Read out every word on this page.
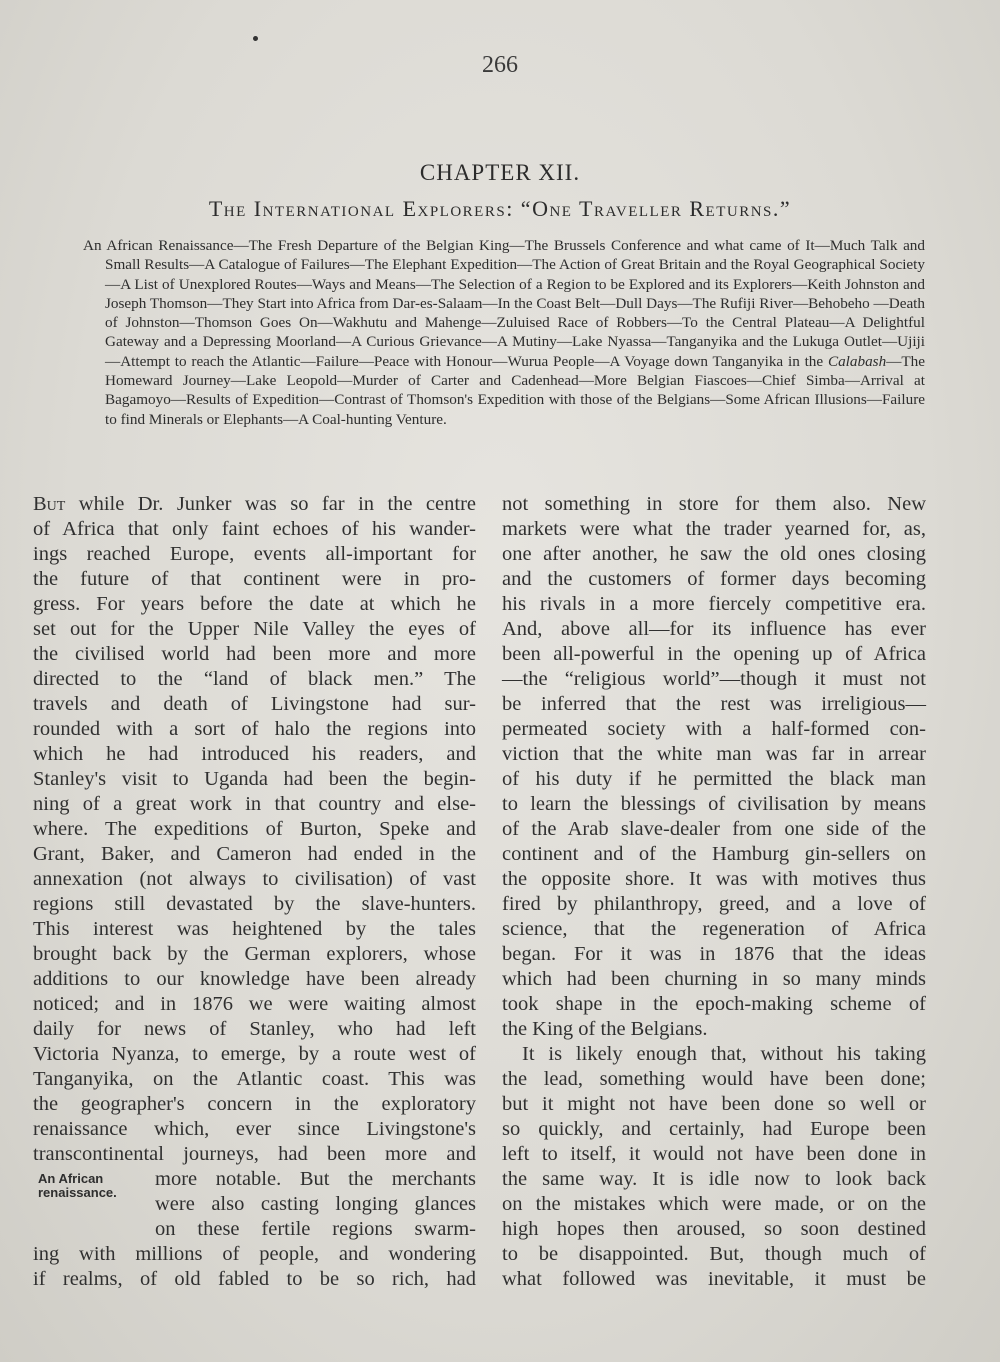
266
CHAPTER XII.
The International Explorers: “One Traveller Returns.”
An African Renaissance—The Fresh Departure of the Belgian King—The Brussels Conference and what came of It—Much Talk and Small Results—A Catalogue of Failures—The Elephant Expedition—The Action of Great Britain and the Royal Geographical Society—A List of Unexplored Routes—Ways and Means—The Selection of a Region to be Explored and its Explorers—Keith Johnston and Joseph Thomson—They Start into Africa from Dar-es-Salaam—In the Coast Belt—Dull Days—The Rufiji River—Behobeho —Death of Johnston—Thomson Goes On—Wakhutu and Mahenge—Zuluised Race of Robbers—To the Central Plateau—A Delightful Gateway and a Depressing Moorland—A Curious Grievance—A Mutiny—Lake Nyassa—Tanganyika and the Lukuga Outlet—Ujiji—Attempt to reach the Atlantic—Failure—Peace with Honour—Wurua People—A Voyage down Tanganyika in the Calabash—The Homeward Journey—Lake Leopold—Murder of Carter and Cadenhead—More Belgian Fiascoes—Chief Simba—Arrival at Bagamoyo—Results of Expedition—Contrast of Thomson's Expedition with those of the Belgians—Some African Illusions—Failure to find Minerals or Elephants—A Coal-hunting Venture.
But while Dr. Junker was so far in the centre
of Africa that only faint echoes of his wander-
ings reached Europe, events all-important for
the future of that continent were in pro-
gress. For years before the date at which he
set out for the Upper Nile Valley the eyes of
the civilised world had been more and more
directed to the “land of black men.” The
travels and death of Livingstone had sur-
rounded with a sort of halo the regions into
which he had introduced his readers, and
Stanley's visit to Uganda had been the begin-
ning of a great work in that country and else-
where. The expeditions of Burton, Speke and
Grant, Baker, and Cameron had ended in the
annexation (not always to civilisation) of vast
regions still devastated by the slave-hunters.
This interest was heightened by the tales
brought back by the German explorers, whose
additions to our knowledge have been already
noticed; and in 1876 we were waiting almost
daily for news of Stanley, who had left
Victoria Nyanza, to emerge, by a route west of
Tanganyika, on the Atlantic coast. This was
the geographer's concern in the exploratory
renaissance which, ever since Livingstone's
transcontinental journeys, had been more and
more notable. But the merchants
were also casting longing glances
on these fertile regions swarm-
ing with millions of people, and wondering
if realms, of old fabled to be so rich, had
not something in store for them also. New
markets were what the trader yearned for, as,
one after another, he saw the old ones closing
and the customers of former days becoming
his rivals in a more fiercely competitive era.
And, above all—for its influence has ever
been all-powerful in the opening up of Africa
—the “religious world”—though it must not
be inferred that the rest was irreligious—
permeated society with a half-formed con-
viction that the white man was far in arrear
of his duty if he permitted the black man
to learn the blessings of civilisation by means
of the Arab slave-dealer from one side of the
continent and of the Hamburg gin-sellers on
the opposite shore. It was with motives thus
fired by philanthropy, greed, and a love of
science, that the regeneration of Africa
began. For it was in 1876 that the ideas
which had been churning in so many minds
took shape in the epoch-making scheme of
the King of the Belgians.
It is likely enough that, without his taking
the lead, something would have been done;
but it might not have been done so well or
so quickly, and certainly, had Europe been
left to itself, it would not have been done in
the same way. It is idle now to look back
on the mistakes which were made, or on the
high hopes then aroused, so soon destined
to be disappointed. But, though much of
what followed was inevitable, it must be
An African renaissance.
